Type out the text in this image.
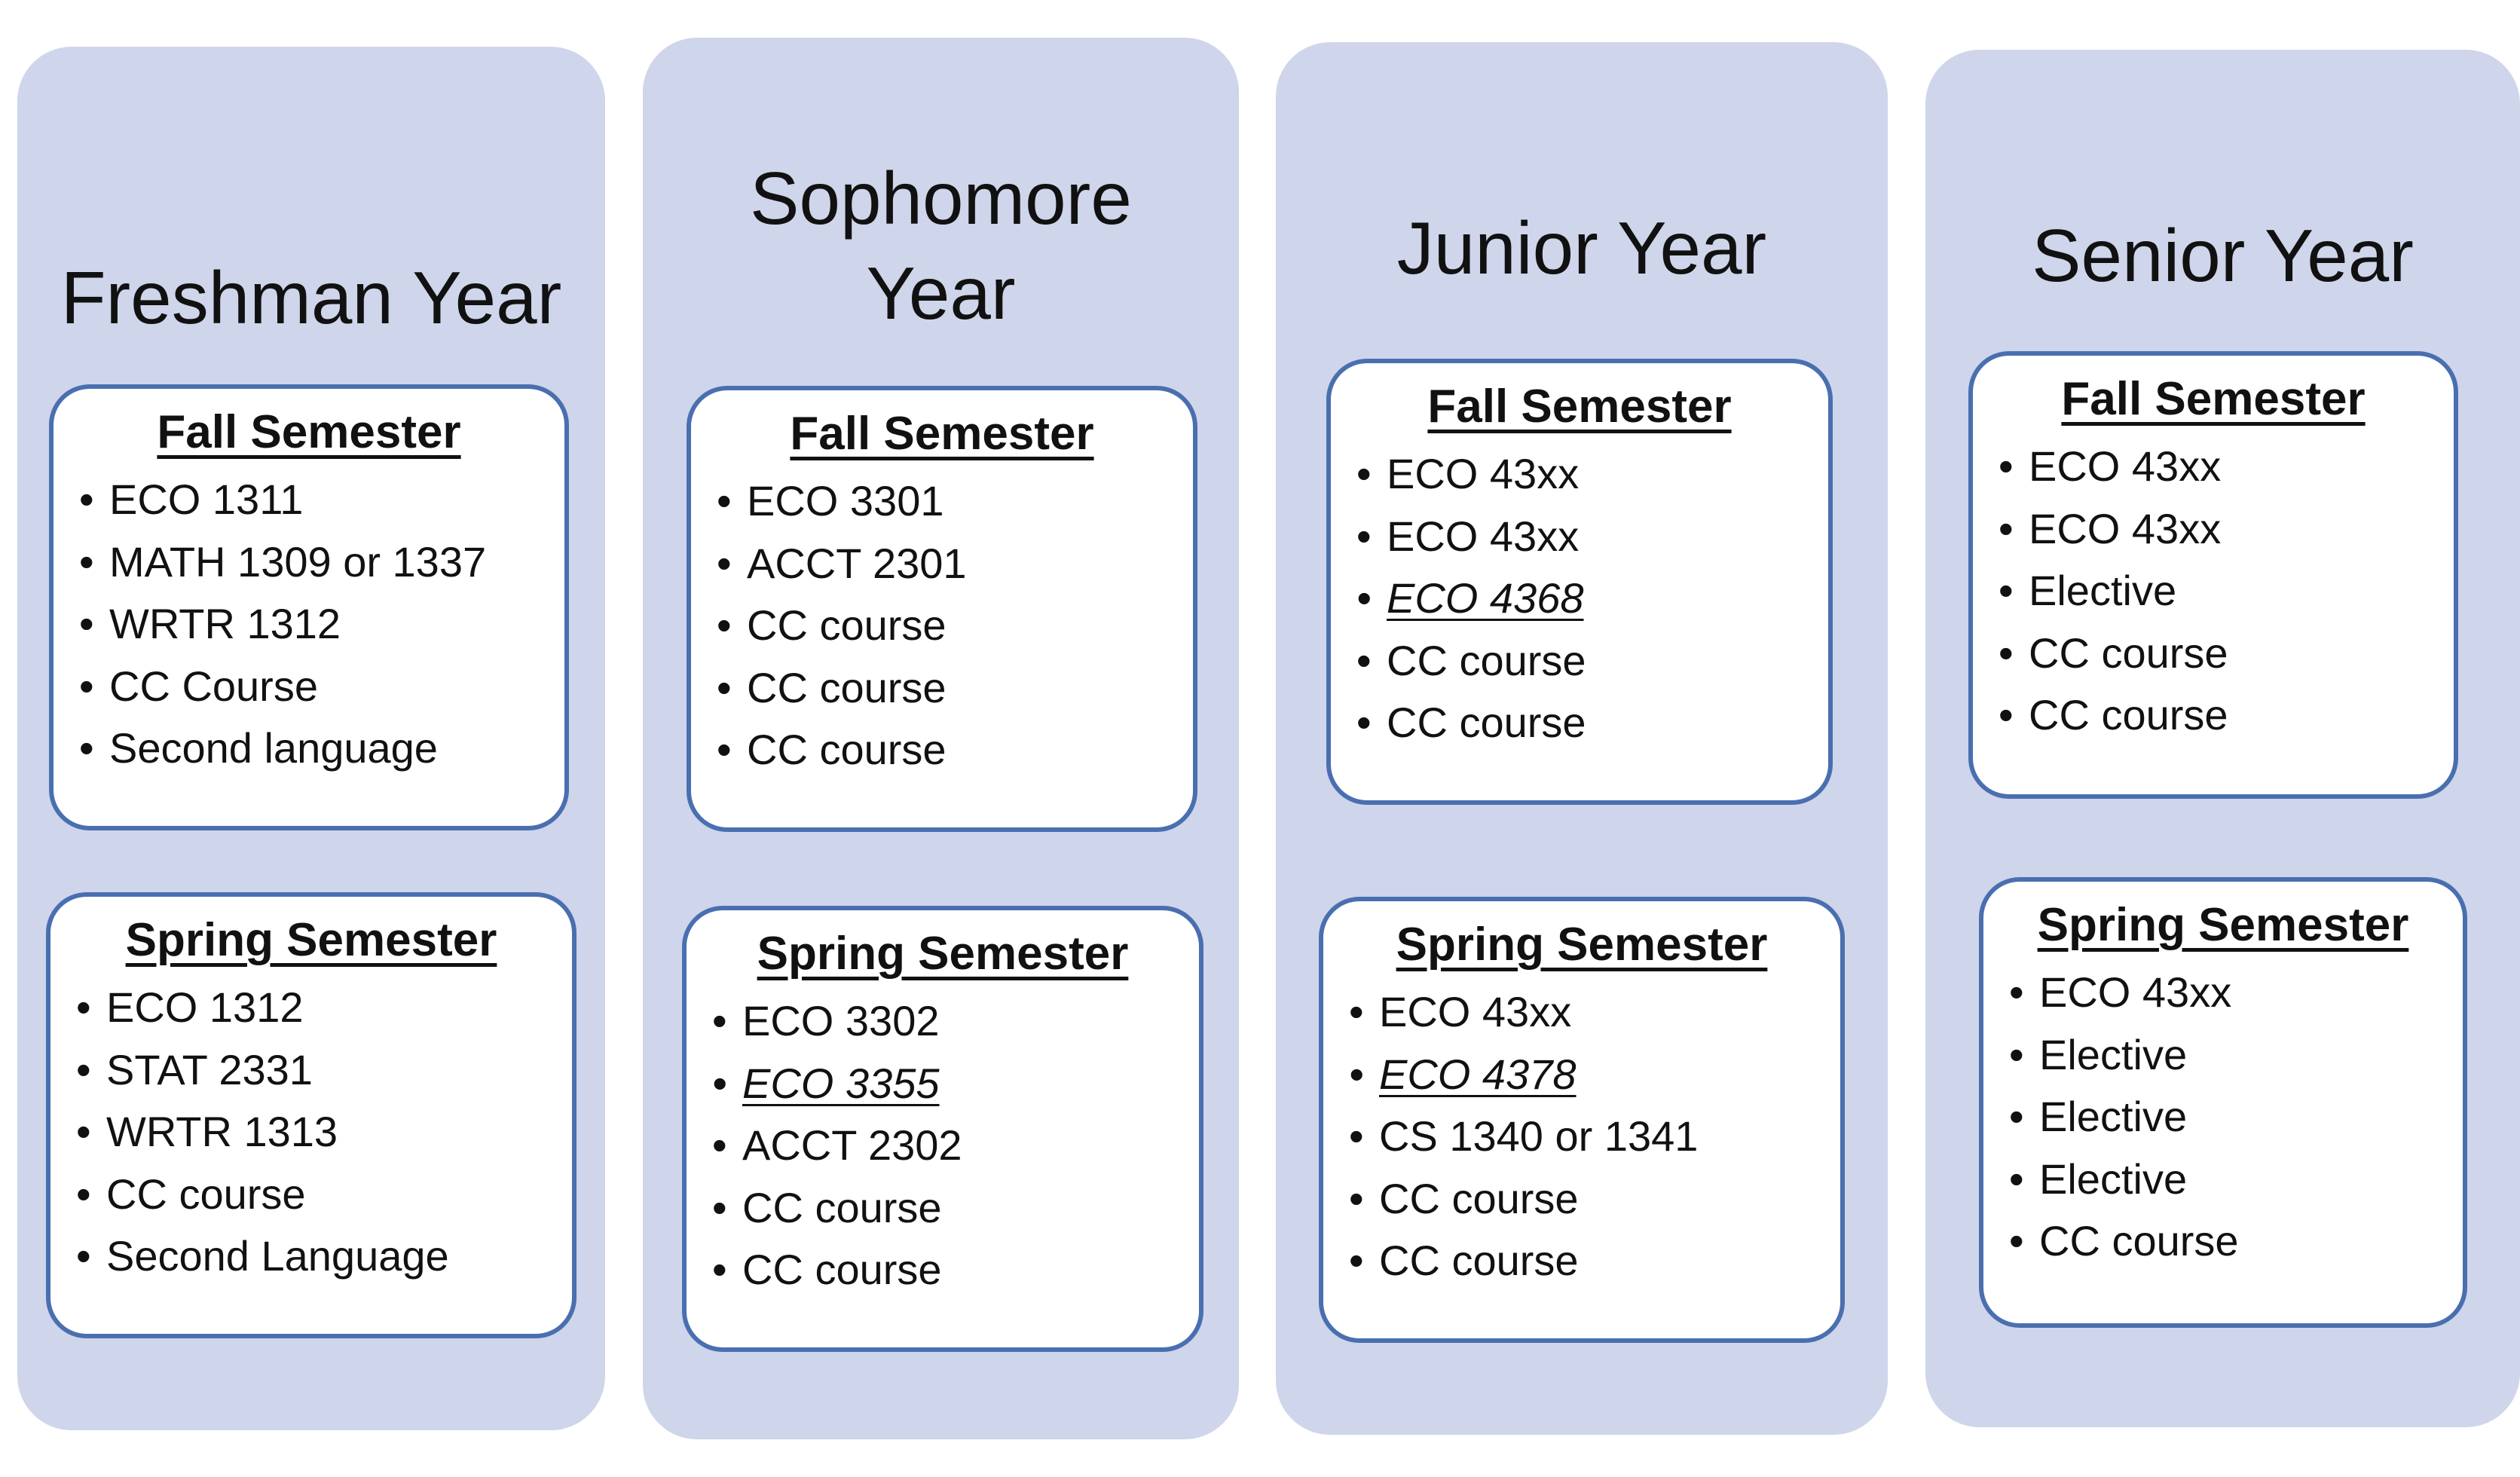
Freshman Year
Fall Semester
• ECO 1311
• MATH 1309 or 1337
• WRTR 1312
• CC Course
• Second language
Spring Semester
• ECO 1312
• STAT 2331
• WRTR 1313
• CC course
• Second Language
Sophomore
Year
Fall Semester
• ECO 3301
• ACCT 2301
• CC course
• CC course
• CC course
Spring Semester
• ECO 3302
• ECO 3355
• ACCT 2302
• CC course
• CC course
Junior Year
Fall Semester
• ECO 43xx
• ECO 43xx
• ECO 4368
• CC course
• CC course
Spring Semester
• ECO 43xx
• ECO 4378
• CS 1340 or 1341
• CC course
• CC course
Senior Year
Fall Semester
• ECO 43xx
• ECO 43xx
• Elective
• CC course
• CC course
Spring Semester
• ECO 43xx
• Elective
• Elective
• Elective
• CC course
